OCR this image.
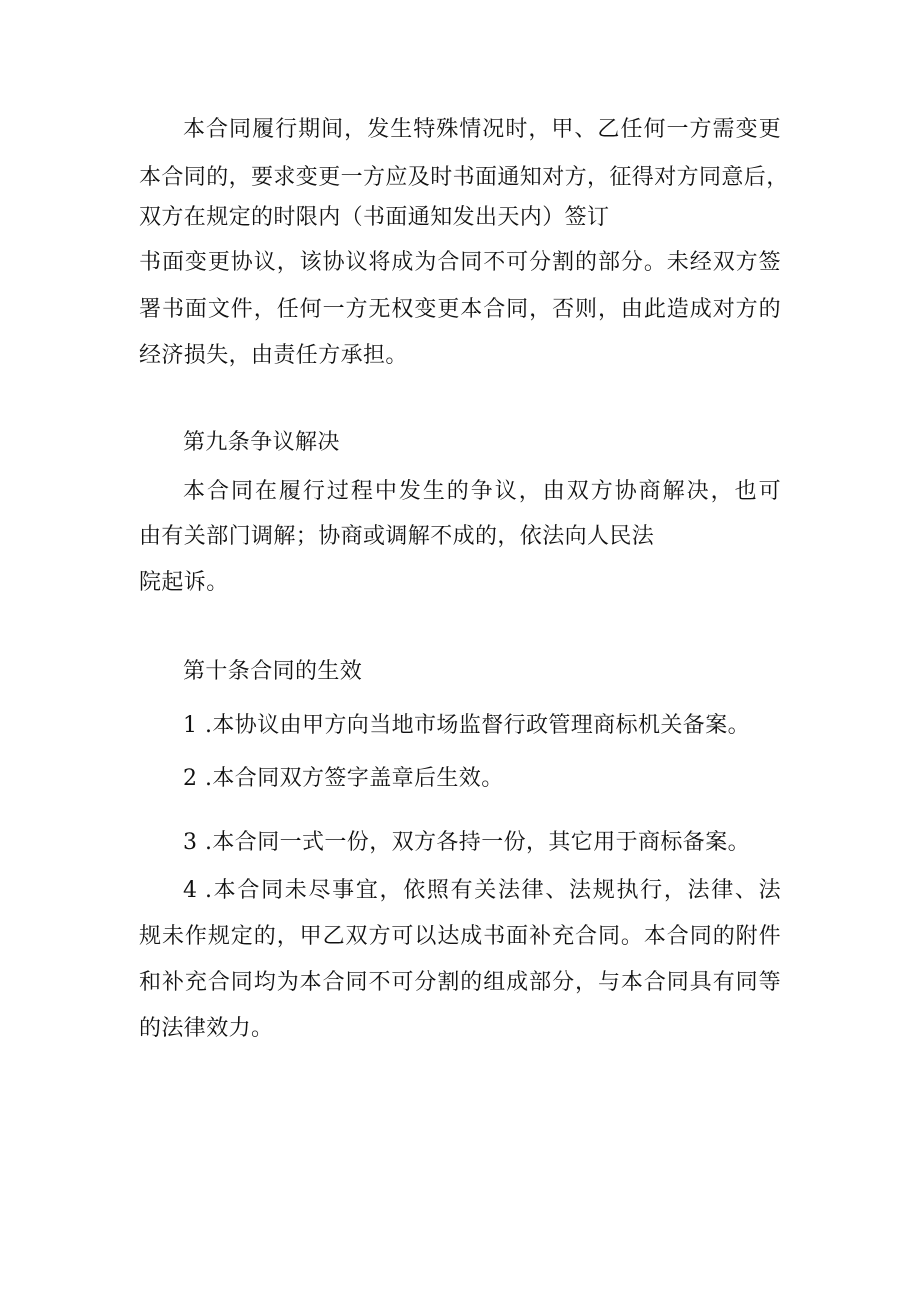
本合同履行期间，发生特殊情况时，甲、乙任何一方需变更
本合同的，要求变更一方应及时书面通知对方，征得对方同意后，
双方在规定的时限内（书面通知发出天内）签订
书面变更协议，该协议将成为合同不可分割的部分。未经双方签
署书面文件，任何一方无权变更本合同，否则，由此造成对方的
经济损失，由责任方承担。
第九条争议解决
本合同在履行过程中发生的争议，由双方协商解决，也可
由有关部门调解；协商或调解不成的，依法向人民法
院起诉。
第十条合同的生效
1 .本协议由甲方向当地市场监督行政管理商标机关备案。
2 .本合同双方签字盖章后生效。
3 .本合同一式一份，双方各持一份，其它用于商标备案。
4 .本合同未尽事宜，依照有关法律、法规执行，法律、法
规未作规定的，甲乙双方可以达成书面补充合同。本合同的附件
和补充合同均为本合同不可分割的组成部分，与本合同具有同等
的法律效力。
